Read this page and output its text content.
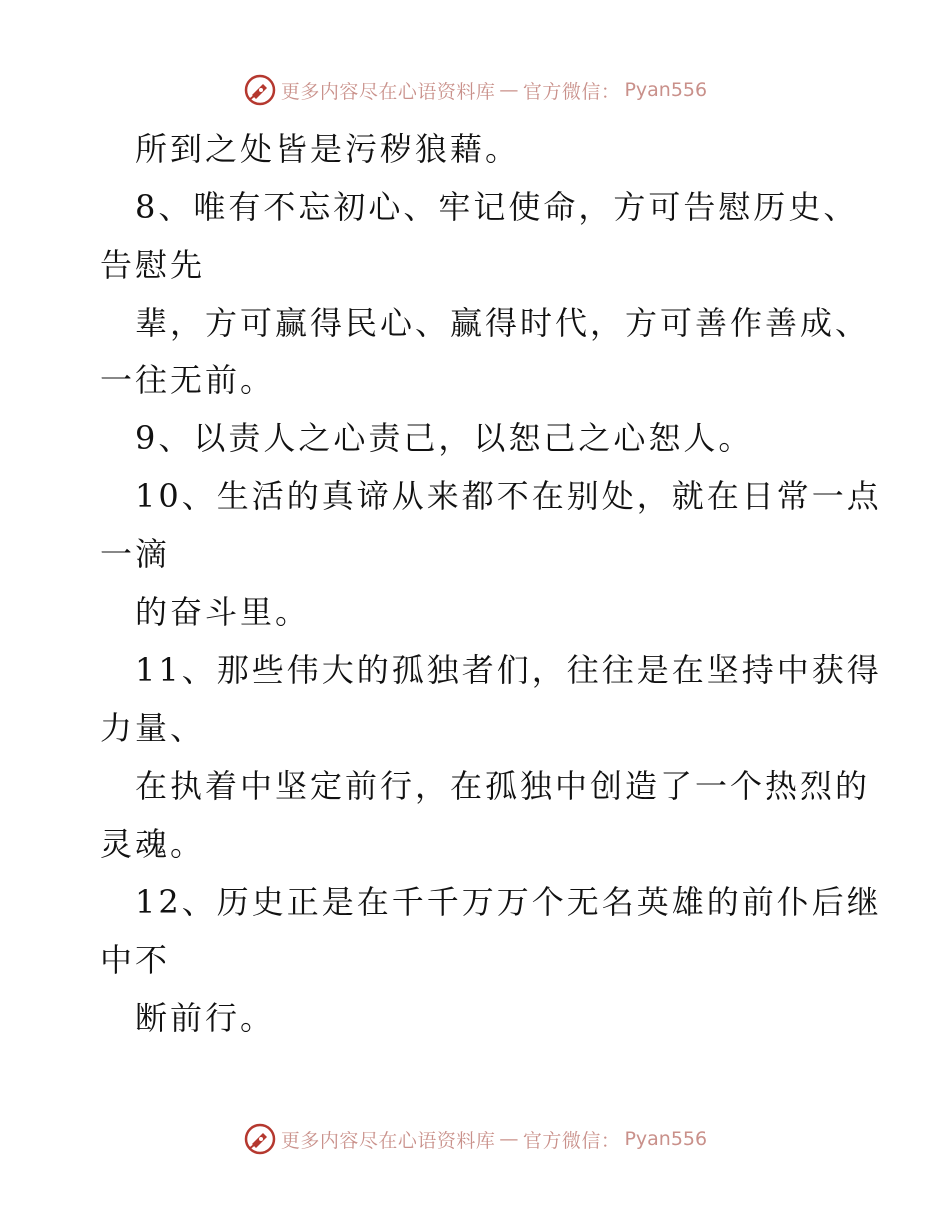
更多内容尽在心语资料库 — 官方微信： Pyan556
所到之处皆是污秽狼藉。
8、唯有不忘初心、牢记使命，方可告慰历史、
告慰先
辈，方可赢得民心、赢得时代，方可善作善成、
一往无前。
9、以责人之心责己，以恕己之心恕人。
10、生活的真谛从来都不在别处，就在日常一点
一滴
的奋斗里。
11、那些伟大的孤独者们，往往是在坚持中获得
力量、
在执着中坚定前行，在孤独中创造了一个热烈的
灵魂。
12、历史正是在千千万万个无名英雄的前仆后继
中不
断前行。
更多内容尽在心语资料库 — 官方微信： Pyan556
